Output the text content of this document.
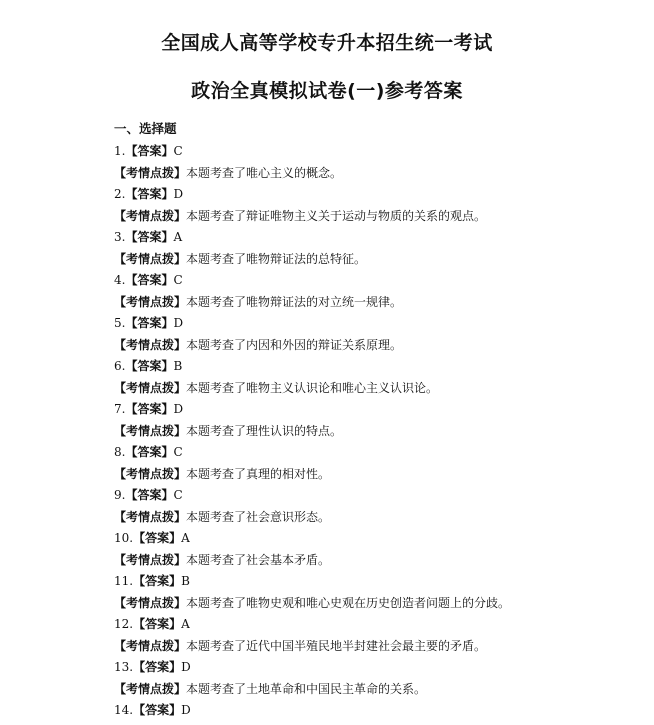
全国成人高等学校专升本招生统一考试
政治全真模拟试卷(一)参考答案
一、选择题
1.【答案】C
【考情点拨】本题考查了唯心主义的概念。
2.【答案】D
【考情点拨】本题考查了辩证唯物主义关于运动与物质的关系的观点。
3.【答案】A
【考情点拨】本题考查了唯物辩证法的总特征。
4.【答案】C
【考情点拨】本题考查了唯物辩证法的对立统一规律。
5.【答案】D
【考情点拨】本题考查了内因和外因的辩证关系原理。
6.【答案】B
【考情点拨】本题考查了唯物主义认识论和唯心主义认识论。
7.【答案】D
【考情点拨】本题考查了理性认识的特点。
8.【答案】C
【考情点拨】本题考查了真理的相对性。
9.【答案】C
【考情点拨】本题考查了社会意识形态。
10.【答案】A
【考情点拨】本题考查了社会基本矛盾。
11.【答案】B
【考情点拨】本题考查了唯物史观和唯心史观在历史创造者问题上的分歧。
12.【答案】A
【考情点拨】本题考查了近代中国半殖民地半封建社会最主要的矛盾。
13.【答案】D
【考情点拨】本题考查了土地革命和中国民主革命的关系。
14.【答案】D
